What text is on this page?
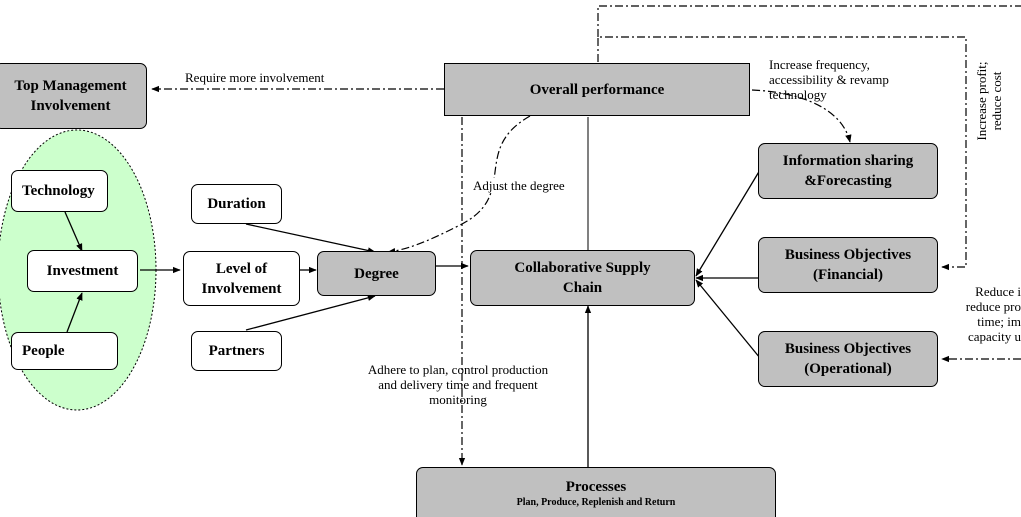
Top Management
Involvement
Overall performance
Technology
Investment
People
Duration
Level of
Involvement
Partners
Degree	Collaborative Supply
Chain
Information sharing
&Forecasting
Business Objectives
(Financial)
Business Objectives
(Operational)
Processes
Plan, Produce, Replenish and Return
Require more involvement
Increase frequency,
accessibility & revamp
technology
Adjust the degree
Adhere to plan, control production
and delivery time and frequent
monitoring
Increase profit;
reduce cost
Reduce i
reduce pro
time; im
capacity u
